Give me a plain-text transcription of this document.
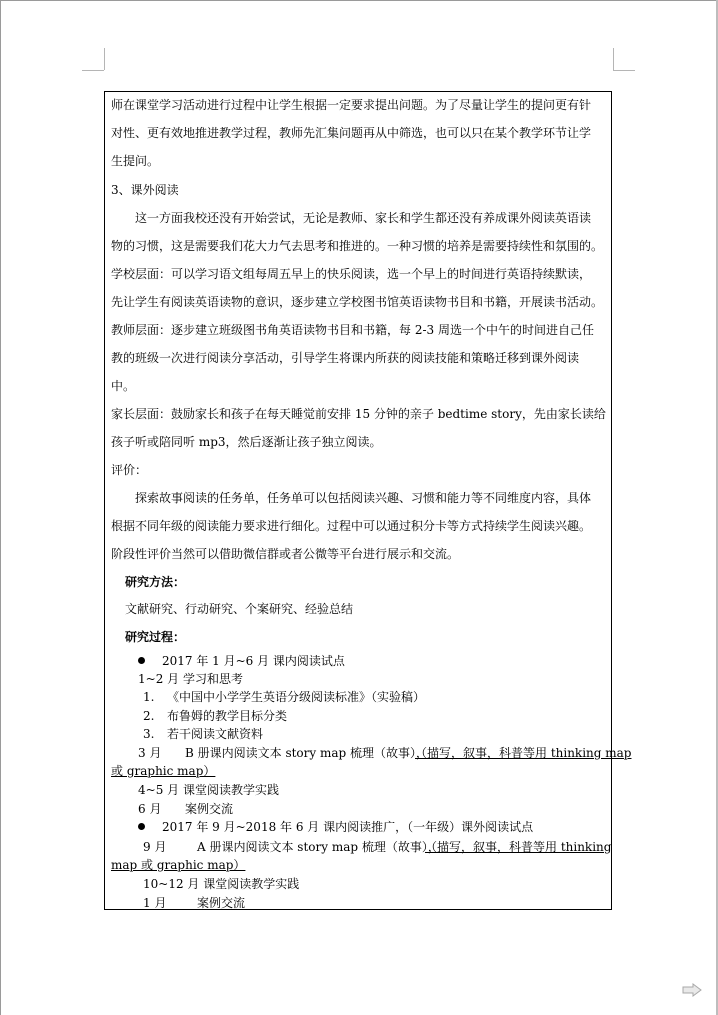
师在课堂学习活动进行过程中让学生根据一定要求提出问题。为了尽量让学生的提问更有针
对性、更有效地推进教学过程，教师先汇集问题再从中筛选，也可以只在某个教学环节让学
生提问。
3、课外阅读
这一方面我校还没有开始尝试，无论是教师、家长和学生都还没有养成课外阅读英语读
物的习惯，这是需要我们花大力气去思考和推进的。一种习惯的培养是需要持续性和氛围的。
学校层面：可以学习语文组每周五早上的快乐阅读，选一个早上的时间进行英语持续默读，
先让学生有阅读英语读物的意识，逐步建立学校图书馆英语读物书目和书籍，开展读书活动。
教师层面：逐步建立班级图书角英语读物书目和书籍，每 2-3 周选一个中午的时间进自己任
教的班级一次进行阅读分享活动，引导学生将课内所获的阅读技能和策略迁移到课外阅读
中。
家长层面：鼓励家长和孩子在每天睡觉前安排 15 分钟的亲子 bedtime story，先由家长读给
孩子听或陪同听 mp3，然后逐渐让孩子独立阅读。
评价：
探索故事阅读的任务单，任务单可以包括阅读兴趣、习惯和能力等不同维度内容，具体
根据不同年级的阅读能力要求进行细化。过程中可以通过积分卡等方式持续学生阅读兴趣。
阶段性评价当然可以借助微信群或者公微等平台进行展示和交流。
研究方法：
文献研究、行动研究、个案研究、经验总结
研究过程：
2017 年 1 月~6 月 课内阅读试点
1~2 月 学习和思考
1. 《中国中小学学生英语分级阅读标准》（实验稿）
2. 布鲁姆的教学目标分类
3. 若干阅读文献资料
3 月 B 册课内阅读文本 story map 梳理（故事），
（描写，叙事，科普等用 thinking map
或 graphic map）
4~5 月 课堂阅读教学实践
6 月 案例交流
2017 年 9 月~2018 年 6 月 课内阅读推广，（一年级）课外阅读试点
9 月	A 册课内阅读文本 story map 梳理（故事），
（描写，叙事，科普等用 thinking
map 或 graphic map）
10~12 月 课堂阅读教学实践
1 月	案例交流
